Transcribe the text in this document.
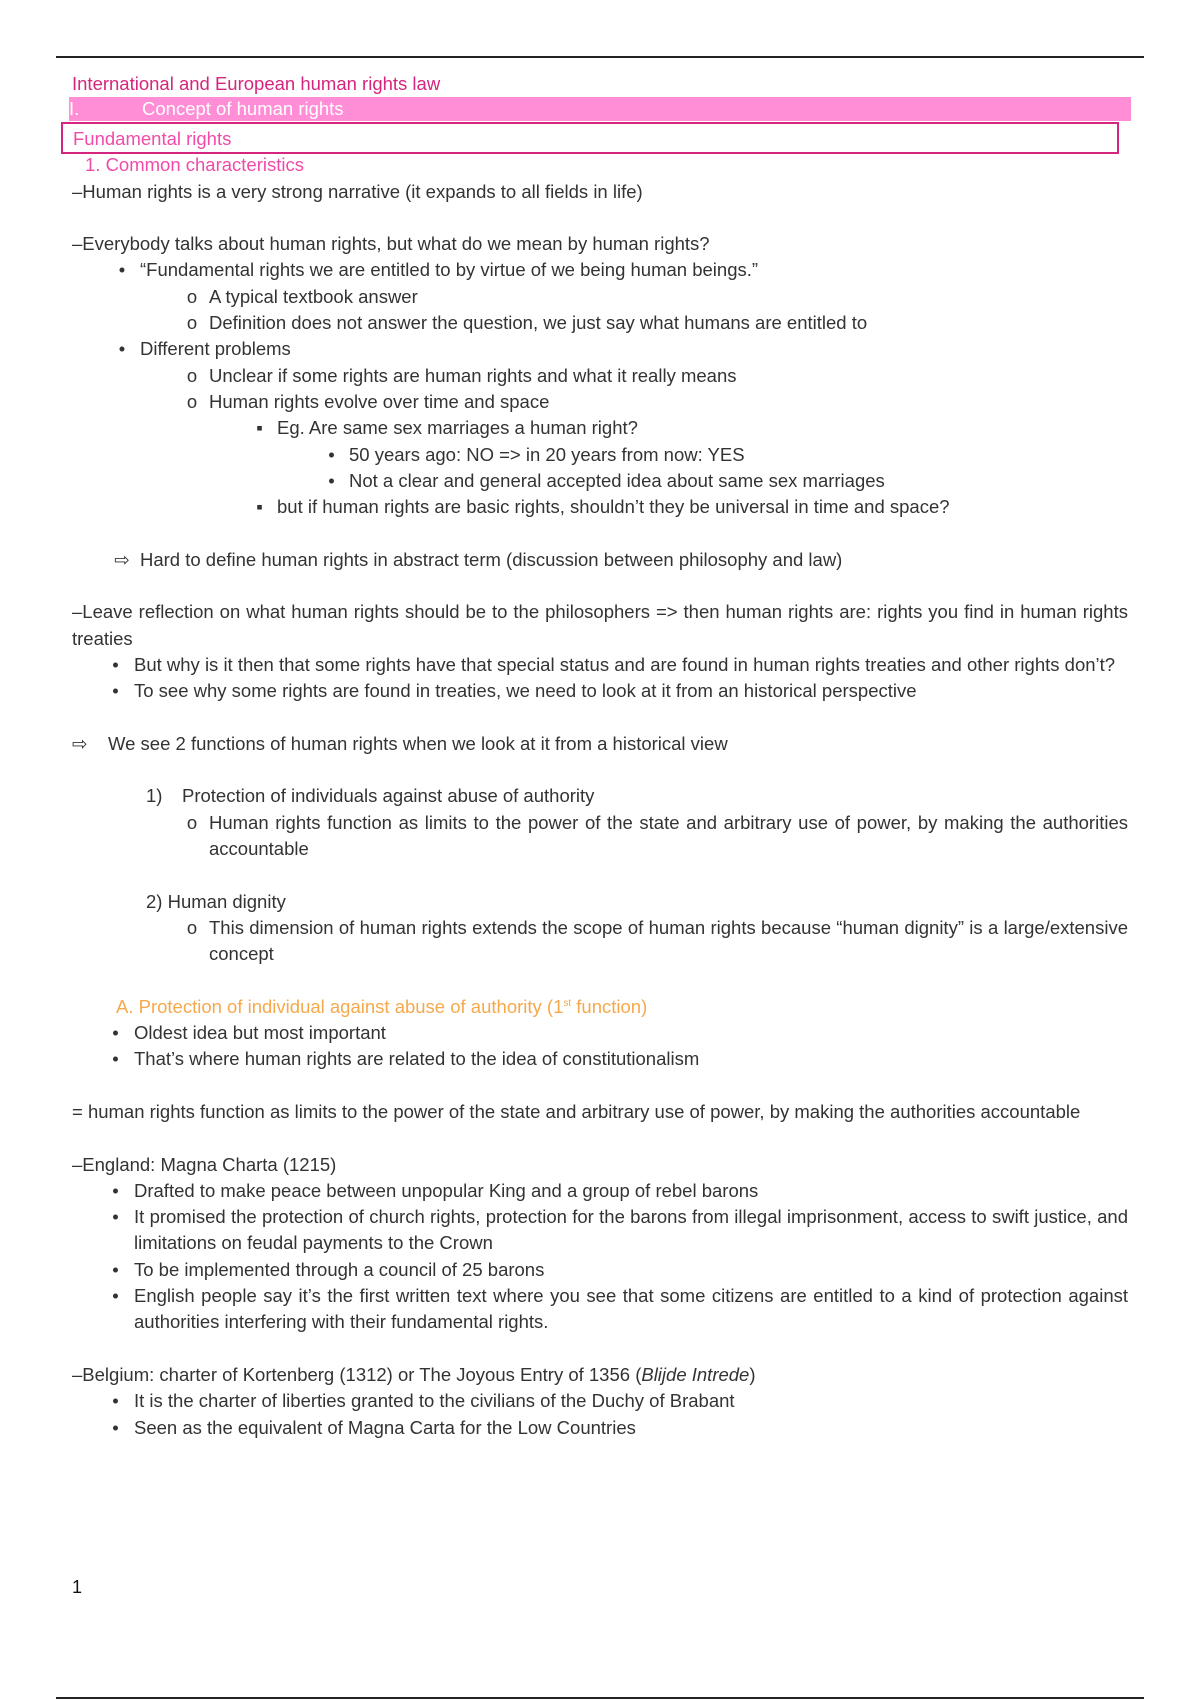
International and European human rights law

I.	Concept of human rights
Fundamental rights

1. Common characteristics

–Human rights is a very strong narrative (it expands to all fields in life)

–Everybody talks about human rights, but what do we mean by human rights?

• “Fundamental rights we are entitled to by virtue of we being human beings.”
o A typical textbook answer
o Definition does not answer the question, we just say what humans are entitled to
• Different problems
o Unclear if some rights are human rights and what it really means
o Human rights evolve over time and space
▪ Eg. Are same sex marriages a human right?
• 50 years ago: NO => in 20 years from now: YES
• Not a clear and general accepted idea about same sex marriages
▪ but if human rights are basic rights, shouldn’t they be universal in time and space?
⇨ Hard to define human rights in abstract term (discussion between philosophy and law)

–Leave reflection on what human rights should be to the philosophers => then human rights are: rights you find in human rights treaties

• But why is it then that some rights have that special status and are found in human rights treaties and other rights don’t?
• To see why some rights are found in treaties, we need to look at it from an historical perspective
⇨	We see 2 functions of human rights when we look at it from a historical view
1)	Protection of individuals against abuse of authority
o Human rights function as limits to the power of the state and arbitrary use of power, by making the authorities accountable

2) Human dignity

o This dimension of human rights extends the scope of human rights because “human dignity” is a large/extensive concept

A. Protection of individual against abuse of authority (1st function)

• Oldest idea but most important
• That’s where human rights are related to the idea of constitutionalism

= human rights function as limits to the power of the state and arbitrary use of power, by making the authorities accountable

–England: Magna Charta (1215)

• Drafted to make peace between unpopular King and a group of rebel barons
• It promised the protection of church rights, protection for the barons from illegal imprisonment, access to swift justice, and limitations on feudal payments to the Crown
• To be implemented through a council of 25 barons
• English people say it’s the first written text where you see that some citizens are entitled to a kind of protection against authorities interfering with their fundamental rights.

–Belgium: charter of Kortenberg (1312) or The Joyous Entry of 1356 (Blijde Intrede)

• It is the charter of liberties granted to the civilians of the Duchy of Brabant
• Seen as the equivalent of Magna Carta for the Low Countries
1
